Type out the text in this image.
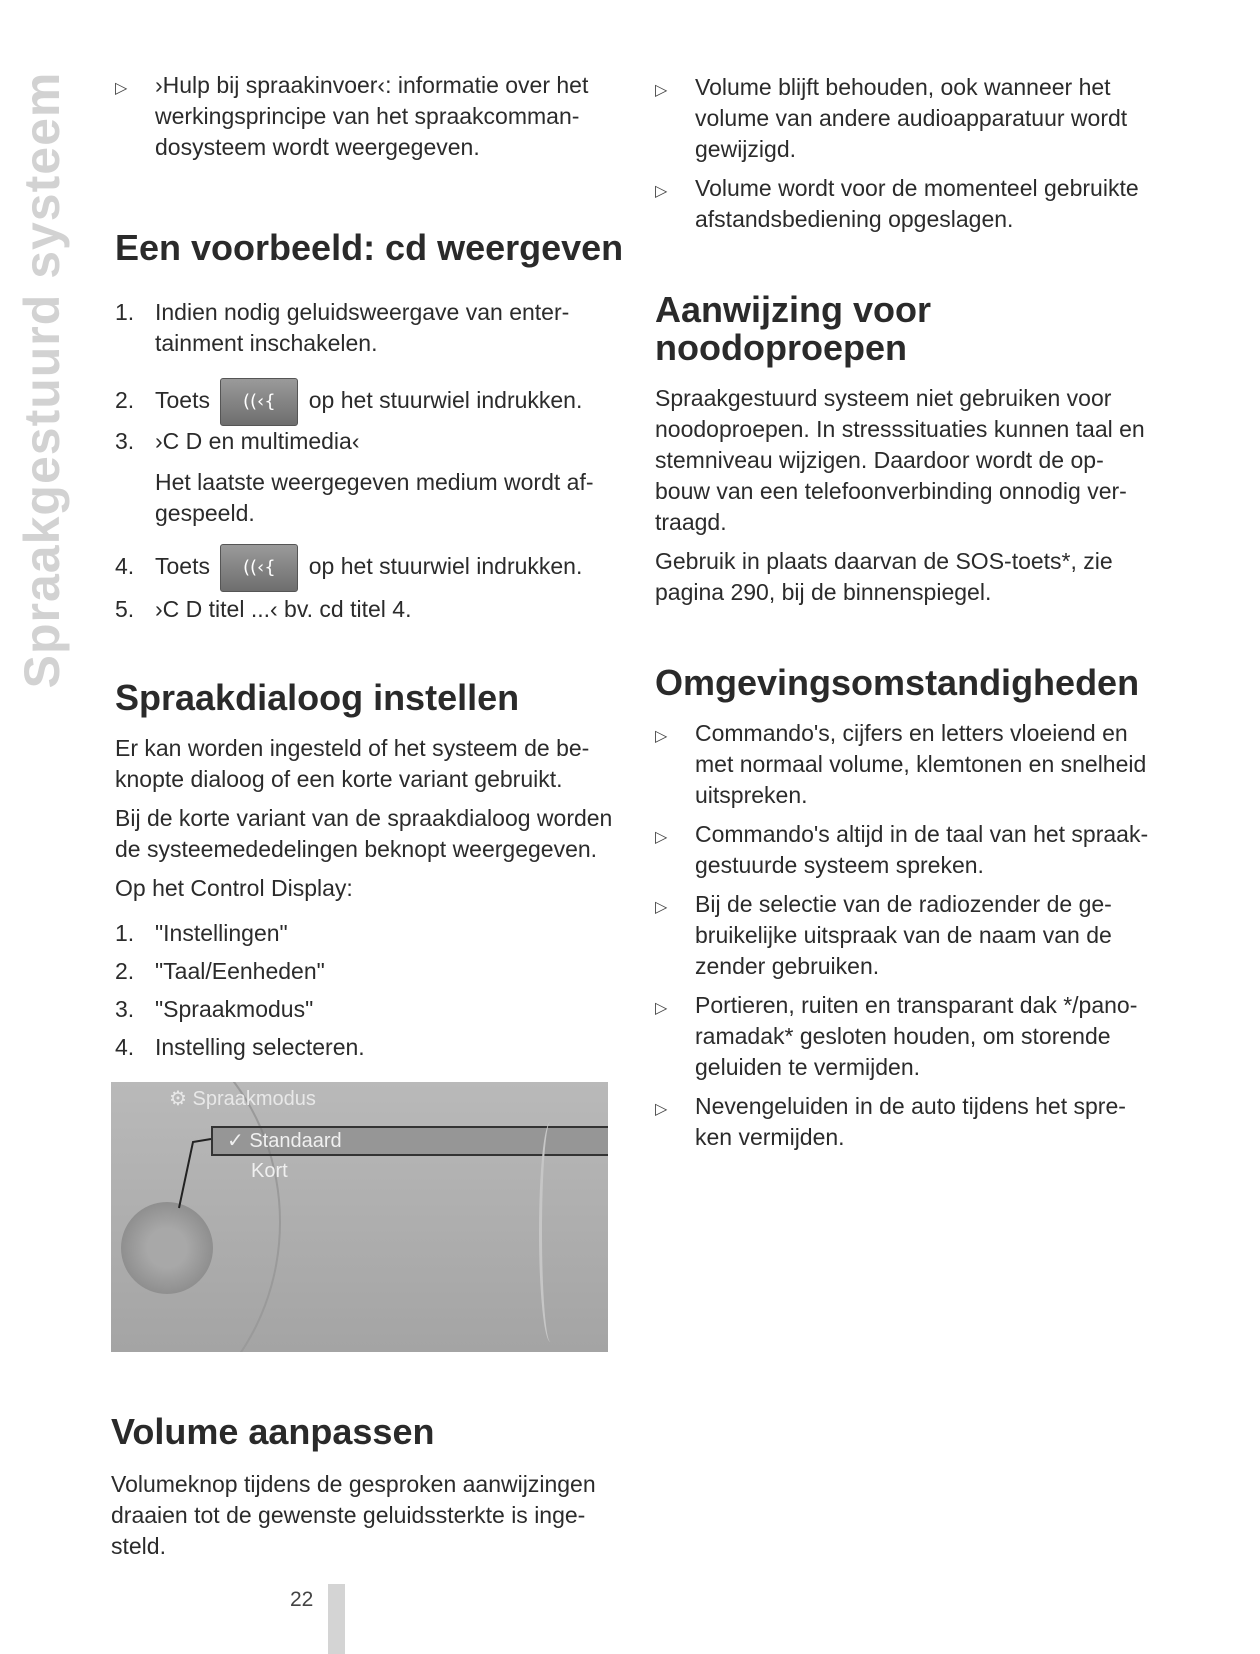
Spraakgestuurd systeem	▷ ›Hulp bij spraakinvoer‹: informatie over het
werkingsprincipe van het spraakcomman-
dosysteem wordt weergegeven.
Een voorbeeld: cd weergeven
1. Indien nodig geluidsweergave van enter-
tainment inschakelen.
2. Toets ((‹{ op het stuurwiel indrukken.
3. ›C D en multimedia‹
Het laatste weergegeven medium wordt af-
gespeeld.
4. Toets ((‹{ op het stuurwiel indrukken.
5. ›C D titel ...‹ bv. cd titel 4.
Spraakdialoog instellen

Er kan worden ingesteld of het systeem de be-
knopte dialoog of een korte variant gebruikt.

Bij de korte variant van de spraakdialoog worden
de systeemededelingen beknopt weergegeven.

Op het Control Display:

1. "Instellingen"
2. "Taal/Eenheden"
3. "Spraakmodus"
4. Instelling selecteren.
⚙ Spraakmodus
✓ Standaard
Kort
Volume aanpassen

Volumeknop tijdens de gesproken aanwijzingen
draaien tot de gewenste geluidssterkte is inge-
steld.

▷ Volume blijft behouden, ook wanneer het
volume van andere audioapparatuur wordt
gewijzigd.
▷ Volume wordt voor de momenteel gebruikte
afstandsbediening opgeslagen.
Aanwijzing voor
noodoproepen

Spraakgestuurd systeem niet gebruiken voor
noodoproepen. In stresssituaties kunnen taal en
stemniveau wijzigen. Daardoor wordt de op-
bouw van een telefoonverbinding onnodig ver-
traagd.

Gebruik in plaats daarvan de SOS-toets*, zie
pagina 290, bij de binnenspiegel.

Omgevingsomstandigheden
▷ Commando's, cijfers en letters vloeiend en
met normaal volume, klemtonen en snelheid
uitspreken.
▷ Commando's altijd in de taal van het spraak-
gestuurde systeem spreken.
▷ Bij de selectie van de radiozender de ge-
bruikelijke uitspraak van de naam van de
zender gebruiken.
▷ Portieren, ruiten en transparant dak */pano-
ramadak* gesloten houden, om storende
geluiden te vermijden.
▷ Nevengeluiden in de auto tijdens het spre-
ken vermijden.
22
